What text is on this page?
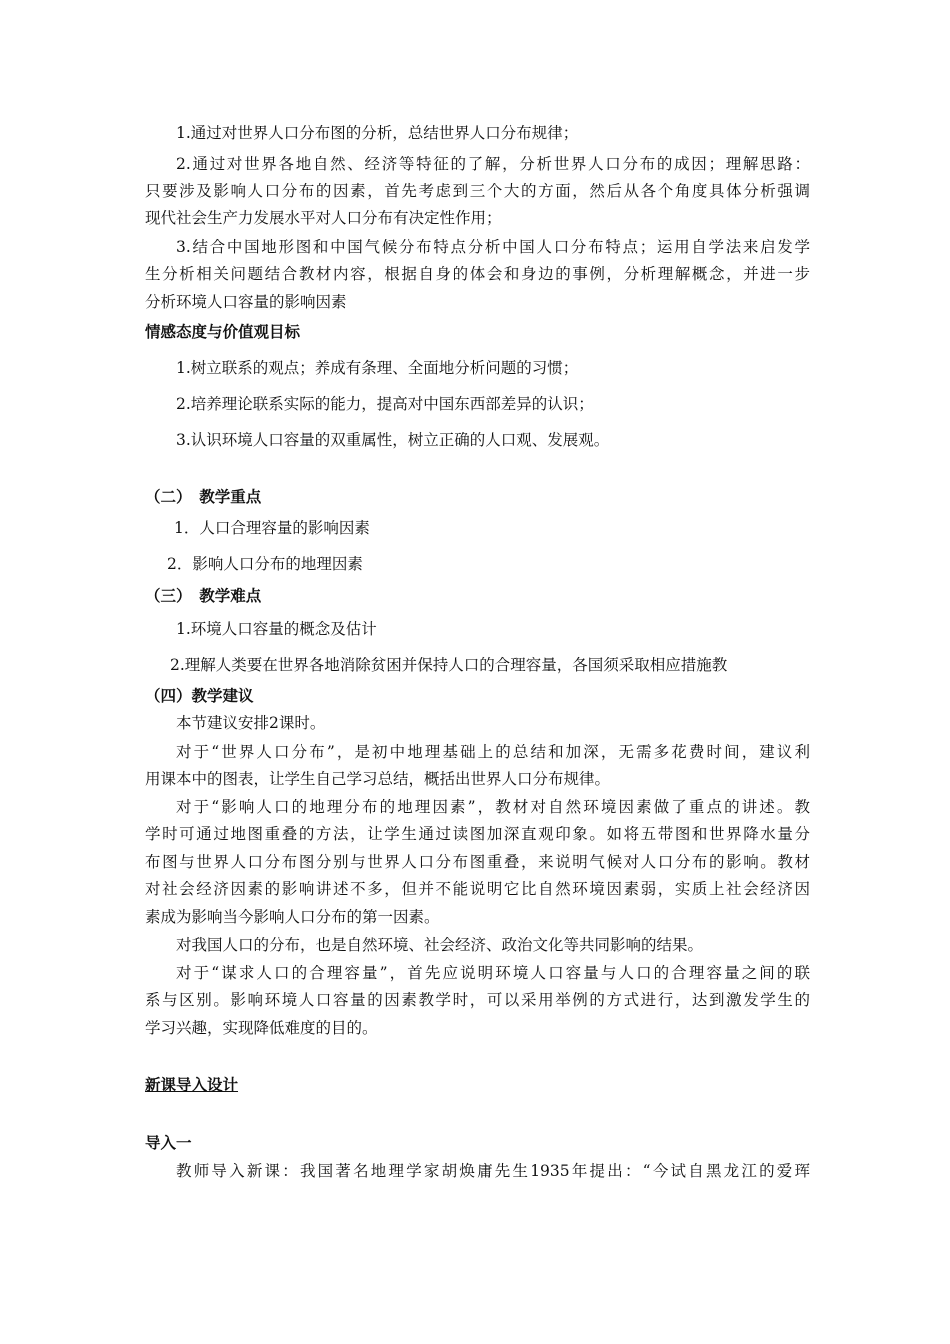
1.通过对世界人口分布图的分析，总结世界人口分布规律；
2.通过对世界各地自然、经济等特征的了解，分析世界人口分布的成因；理解思路：
只要涉及影响人口分布的因素，首先考虑到三个大的方面，然后从各个角度具体分析强调
现代社会生产力发展水平对人口分布有决定性作用；
3.结合中国地形图和中国气候分布特点分析中国人口分布特点；运用自学法来启发学
生分析相关问题结合教材内容，根据自身的体会和身边的事例，分析理解概念，并进一步
分析环境人口容量的影响因素
情感态度与价值观目标
1.树立联系的观点；养成有条理、全面地分析问题的习惯；
2.培养理论联系实际的能力，提高对中国东西部差异的认识；
3.认识环境人口容量的双重属性，树立正确的人口观、发展观。
（二）　教学重点
1．人口合理容量的影响因素
2．影响人口分布的地理因素
（三）　教学难点
1.环境人口容量的概念及估计
2.理解人类要在世界各地消除贫困并保持人口的合理容量，各国须采取相应措施教
（四）教学建议
本节建议安排2课时。
对于“世界人口分布”，是初中地理基础上的总结和加深，无需多花费时间，建议利
用课本中的图表，让学生自己学习总结，概括出世界人口分布规律。
对于“影响人口的地理分布的地理因素”，教材对自然环境因素做了重点的讲述。教
学时可通过地图重叠的方法，让学生通过读图加深直观印象。如将五带图和世界降水量分
布图与世界人口分布图分别与世界人口分布图重叠，来说明气候对人口分布的影响。教材
对社会经济因素的影响讲述不多，但并不能说明它比自然环境因素弱，实质上社会经济因
素成为影响当今影响人口分布的第一因素。
对我国人口的分布，也是自然环境、社会经济、政治文化等共同影响的结果。
对于“谋求人口的合理容量”，首先应说明环境人口容量与人口的合理容量之间的联
系与区别。影响环境人口容量的因素教学时，可以采用举例的方式进行，达到激发学生的
学习兴趣，实现降低难度的目的。
新课导入设计
导入一
教师导入新课：我国著名地理学家胡焕庸先生1935年提出：“今试自黑龙江的爱珲
